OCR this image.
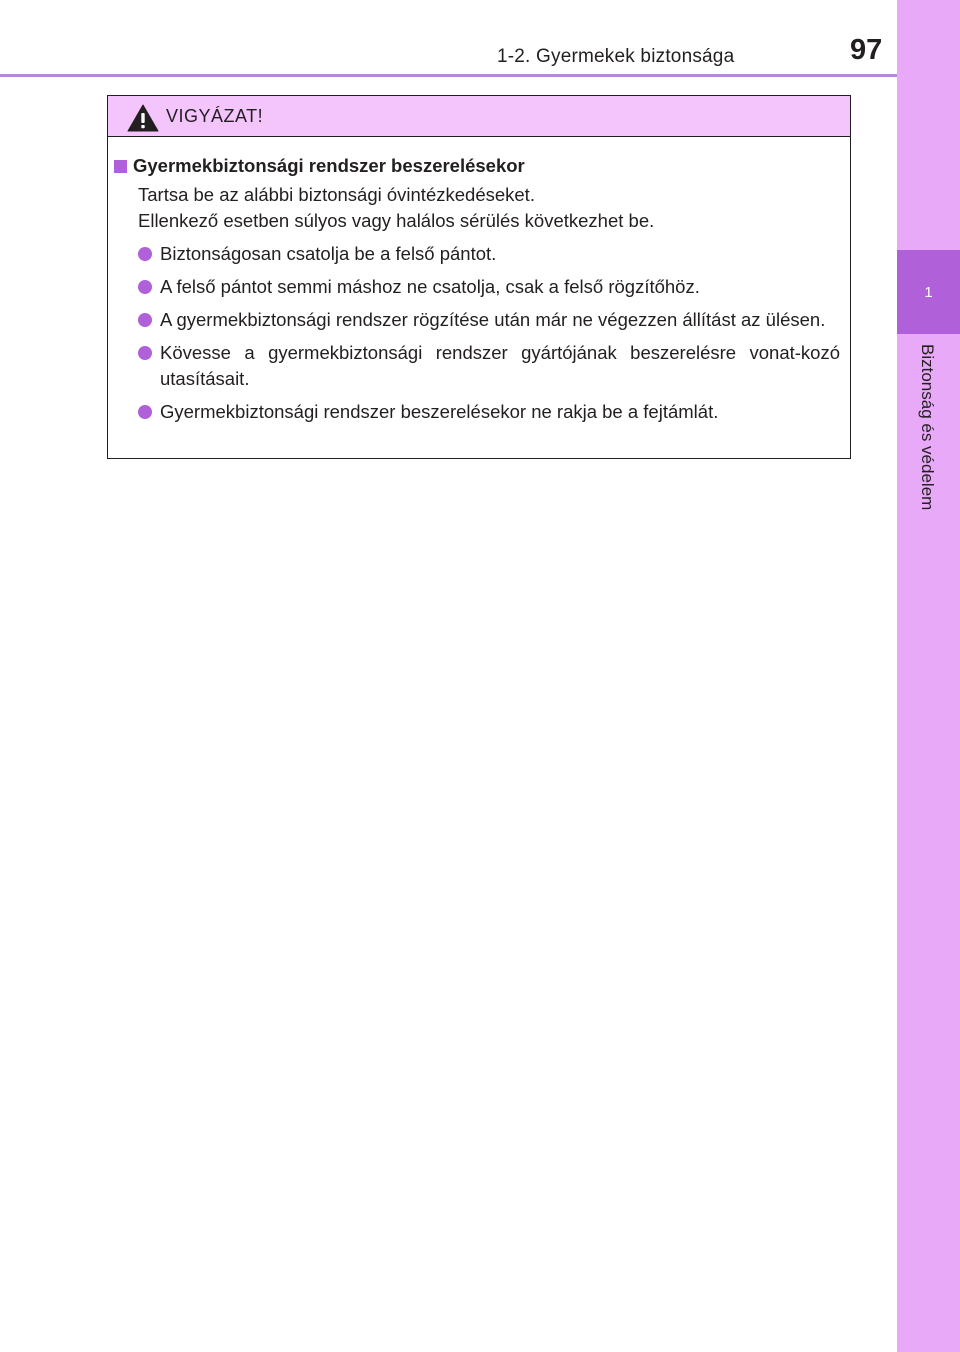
1-2. Gyermekek biztonsága	97
1
Biztonság és védelem
VIGYÁZAT!
Gyermekbiztonsági rendszer beszerelésekor
Tartsa be az alábbi biztonsági óvintézkedéseket.
Ellenkező esetben súlyos vagy halálos sérülés következhet be.
Biztonságosan csatolja be a felső pántot.
A felső pántot semmi máshoz ne csatolja, csak a felső rögzítőhöz.
A gyermekbiztonsági rendszer rögzítése után már ne végezzen állítást az ülésen.
Kövesse a gyermekbiztonsági rendszer gyártójának beszerelésre vonat-kozó utasításait.
Gyermekbiztonsági rendszer beszerelésekor ne rakja be a fejtámlát.
